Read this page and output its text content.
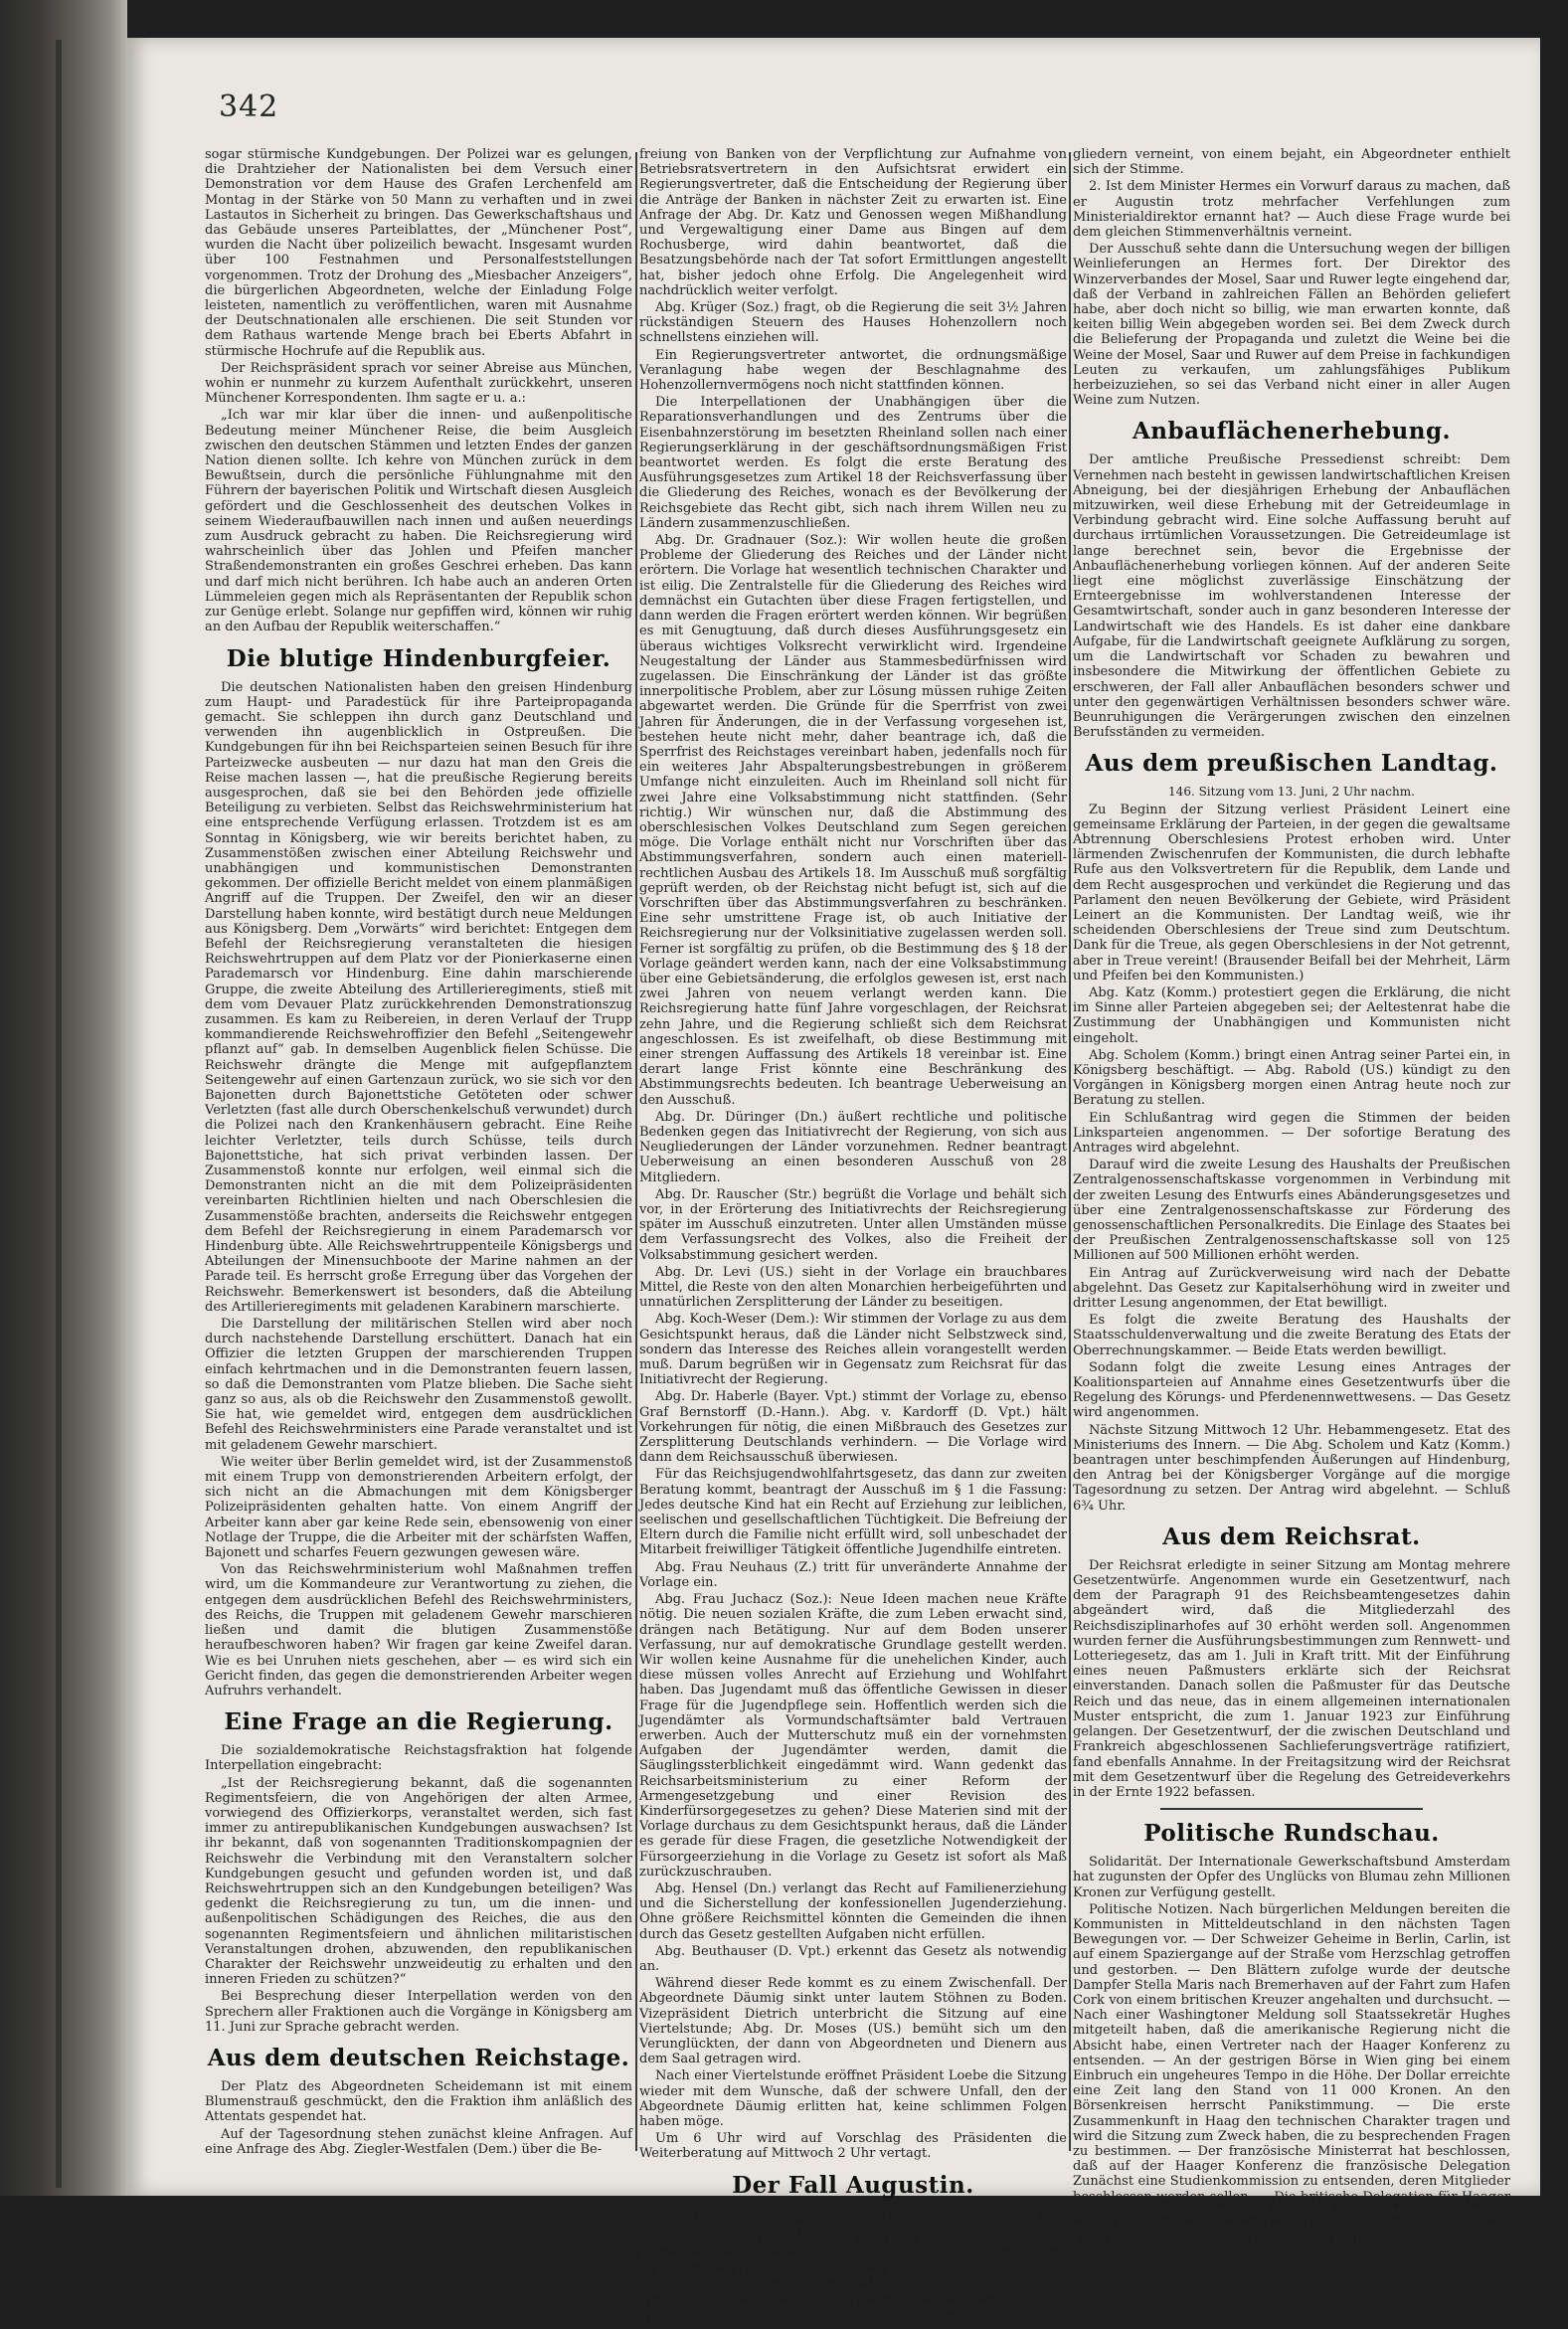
342

sogar stürmische Kundgebungen. Der Polizei war es gelungen, die Drahtzieher der Nationalisten bei dem Versuch einer Demonstration vor dem Hause des Grafen Lerchenfeld am Montag in der Stärke von 50 Mann zu verhaften und in zwei Lastautos in Sicherheit zu bringen. Das Gewerkschaftshaus und das Gebäude unseres Parteiblattes, der „Münchener Post“, wurden die Nacht über polizeilich bewacht. Insgesamt wurden über 100 Festnahmen und Personalfeststellungen vorgenommen. Trotz der Drohung des „Miesbacher Anzeigers“, die bürgerlichen Abgeordneten, welche der Einladung Folge leisteten, namentlich zu veröffentlichen, waren mit Ausnahme der Deutschnationalen alle erschienen. Die seit Stunden vor dem Rathaus wartende Menge brach bei Eberts Abfahrt in stürmische Hochrufe auf die Republik aus.

Der Reichspräsident sprach vor seiner Abreise aus München, wohin er nunmehr zu kurzem Aufenthalt zurückkehrt, unseren Münchener Korrespondenten. Ihm sagte er u. a.:

„Ich war mir klar über die innen- und außenpolitische Bedeutung meiner Münchener Reise, die beim Ausgleich zwischen den deutschen Stämmen und letzten Endes der ganzen Nation dienen sollte. Ich kehre von München zurück in dem Bewußtsein, durch die persönliche Fühlungnahme mit den Führern der bayerischen Politik und Wirtschaft diesen Ausgleich gefördert und die Geschlossenheit des deutschen Volkes in seinem Wiederaufbauwillen nach innen und außen neuerdings zum Ausdruck gebracht zu haben. Die Reichsregierung wird wahrscheinlich über das Johlen und Pfeifen mancher Straßendemonstranten ein großes Geschrei erheben. Das kann und darf mich nicht berühren. Ich habe auch an anderen Orten Lümmeleien gegen mich als Repräsentanten der Republik schon zur Genüge erlebt. Solange nur gepfiffen wird, können wir ruhig an den Aufbau der Republik weiterschaffen.“

Die blutige Hindenburgfeier.

Die deutschen Nationalisten haben den greisen Hindenburg zum Haupt- und Paradestück für ihre Parteipropaganda gemacht. Sie schleppen ihn durch ganz Deutschland und verwenden ihn augenblicklich in Ostpreußen. Die Kundgebungen für ihn bei Reichsparteien seinen Besuch für ihre Parteizwecke ausbeuten — nur dazu hat man den Greis die Reise machen lassen —, hat die preußische Regierung bereits ausgesprochen, daß sie bei den Behörden jede offizielle Beteiligung zu verbieten. Selbst das Reichswehrministerium hat eine entsprechende Verfügung erlassen. Trotzdem ist es am Sonntag in Königsberg, wie wir bereits berichtet haben, zu Zusammenstößen zwischen einer Abteilung Reichswehr und unabhängigen und kommunistischen Demonstranten gekommen. Der offizielle Bericht meldet von einem planmäßigen Angriff auf die Truppen. Der Zweifel, den wir an dieser Darstellung haben konnte, wird bestätigt durch neue Meldungen aus Königsberg. Dem „Vorwärts“ wird berichtet: Entgegen dem Befehl der Reichsregierung veranstalteten die hiesigen Reichswehrtruppen auf dem Platz vor der Pionierkaserne einen Parademarsch vor Hindenburg. Eine dahin marschierende Gruppe, die zweite Abteilung des Artillerieregiments, stieß mit dem vom Devauer Platz zurückkehrenden Demonstrationszug zusammen. Es kam zu Reibereien, in deren Verlauf der Trupp kommandierende Reichswehroffizier den Befehl „Seitengewehr pflanzt auf“ gab. In demselben Augenblick fielen Schüsse. Die Reichswehr drängte die Menge mit aufgepflanztem Seitengewehr auf einen Gartenzaun zurück, wo sie sich vor den Bajonetten durch Bajonettstiche Getöteten oder schwer Verletzten (fast alle durch Oberschenkelschuß verwundet) durch die Polizei nach den Krankenhäusern gebracht. Eine Reihe leichter Verletzter, teils durch Schüsse, teils durch Bajonettstiche, hat sich privat verbinden lassen. Der Zusammenstoß konnte nur erfolgen, weil einmal sich die Demonstranten nicht an die mit dem Polizeipräsidenten vereinbarten Richtlinien hielten und nach Oberschlesien die Zusammenstöße brachten, anderseits die Reichswehr entgegen dem Befehl der Reichsregierung in einem Parademarsch vor Hindenburg übte. Alle Reichswehrtruppenteile Königsbergs und Abteilungen der Minensuchboote der Marine nahmen an der Parade teil. Es herrscht große Erregung über das Vorgehen der Reichswehr. Bemerkenswert ist besonders, daß die Abteilung des Artillerieregiments mit geladenen Karabinern marschierte.

Die Darstellung der militärischen Stellen wird aber noch durch nachstehende Darstellung erschüttert. Danach hat ein Offizier die letzten Gruppen der marschierenden Truppen einfach kehrtmachen und in die Demonstranten feuern lassen, so daß die Demonstranten vom Platze blieben. Die Sache sieht ganz so aus, als ob die Reichswehr den Zusammenstoß gewollt. Sie hat, wie gemeldet wird, entgegen dem ausdrücklichen Befehl des Reichswehrministers eine Parade veranstaltet und ist mit geladenem Gewehr marschiert.

Wie weiter über Berlin gemeldet wird, ist der Zusammenstoß mit einem Trupp von demonstrierenden Arbeitern erfolgt, der sich nicht an die Abmachungen mit dem Königsberger Polizeipräsidenten gehalten hatte. Von einem Angriff der Arbeiter kann aber gar keine Rede sein, ebensowenig von einer Notlage der Truppe, die die Arbeiter mit der schärfsten Waffen, Bajonett und scharfes Feuern gezwungen gewesen wäre.

Von das Reichswehrministerium wohl Maßnahmen treffen wird, um die Kommandeure zur Verantwortung zu ziehen, die entgegen dem ausdrücklichen Befehl des Reichswehrministers, des Reichs, die Truppen mit geladenem Gewehr marschieren ließen und damit die blutigen Zusammenstöße heraufbeschworen haben? Wir fragen gar keine Zweifel daran. Wie es bei Unruhen niets geschehen, aber — es wird sich ein Gericht finden, das gegen die demonstrierenden Arbeiter wegen Aufruhrs verhandelt.

Eine Frage an die Regierung.

Die sozialdemokratische Reichstagsfraktion hat folgende Interpellation eingebracht:

„Ist der Reichsregierung bekannt, daß die sogenannten Regimentsfeiern, die von Angehörigen der alten Armee, vorwiegend des Offizierkorps, veranstaltet werden, sich fast immer zu antirepublikanischen Kundgebungen auswachsen? Ist ihr bekannt, daß von sogenannten Traditionskompagnien der Reichswehr die Verbindung mit den Veranstaltern solcher Kundgebungen gesucht und gefunden worden ist, und daß Reichswehrtruppen sich an den Kundgebungen beteiligen? Was gedenkt die Reichsregierung zu tun, um die innen- und außenpolitischen Schädigungen des Reiches, die aus den sogenannten Regimentsfeiern und ähnlichen militaristischen Veranstaltungen drohen, abzuwenden, den republikanischen Charakter der Reichswehr unzweideutig zu erhalten und den inneren Frieden zu schützen?“

Bei Besprechung dieser Interpellation werden von den Sprechern aller Fraktionen auch die Vorgänge in Königsberg am 11. Juni zur Sprache gebracht werden.

Aus dem deutschen Reichstage.

Der Platz des Abgeordneten Scheidemann ist mit einem Blumenstrauß geschmückt, den die Fraktion ihm anläßlich des Attentats gespendet hat.

Auf der Tagesordnung stehen zunächst kleine Anfragen. Auf eine Anfrage des Abg. Ziegler-Westfalen (Dem.) über die Be-

freiung von Banken von der Verpflichtung zur Aufnahme von Betriebsratsvertretern in den Aufsichtsrat erwidert ein Regierungsvertreter, daß die Entscheidung der Regierung über die Anträge der Banken in nächster Zeit zu erwarten ist. Eine Anfrage der Abg. Dr. Katz und Genossen wegen Mißhandlung und Vergewaltigung einer Dame aus Bingen auf dem Rochusberge, wird dahin beantwortet, daß die Besatzungsbehörde nach der Tat sofort Ermittlungen angestellt hat, bisher jedoch ohne Erfolg. Die Angelegenheit wird nachdrücklich weiter verfolgt.

Abg. Krüger (Soz.) fragt, ob die Regierung die seit 3½ Jahren rückständigen Steuern des Hauses Hohenzollern noch schnellstens einziehen will.

Ein Regierungsvertreter antwortet, die ordnungsmäßige Veranlagung habe wegen der Beschlagnahme des Hohenzollernvermögens noch nicht stattfinden können.

Die Interpellationen der Unabhängigen über die Reparationsverhandlungen und des Zentrums über die Eisenbahnzerstörung im besetzten Rheinland sollen nach einer Regierungserklärung in der geschäftsordnungsmäßigen Frist beantwortet werden. Es folgt die erste Beratung des Ausführungsgesetzes zum Artikel 18 der Reichsverfassung über die Gliederung des Reiches, wonach es der Bevölkerung der Reichsgebiete das Recht gibt, sich nach ihrem Willen neu zu Ländern zusammenzuschließen.

Abg. Dr. Gradnauer (Soz.): Wir wollen heute die großen Probleme der Gliederung des Reiches und der Länder nicht erörtern. Die Vorlage hat wesentlich technischen Charakter und ist eilig. Die Zentralstelle für die Gliederung des Reiches wird demnächst ein Gutachten über diese Fragen fertigstellen, und dann werden die Fragen erörtert werden können. Wir begrüßen es mit Genugtuung, daß durch dieses Ausführungsgesetz ein überaus wichtiges Volksrecht verwirklicht wird. Irgendeine Neugestaltung der Länder aus Stammesbedürfnissen wird zugelassen. Die Einschränkung der Länder ist das größte innerpolitische Problem, aber zur Lösung müssen ruhige Zeiten abgewartet werden. Die Gründe für die Sperrfrist von zwei Jahren für Änderungen, die in der Verfassung vorgesehen ist, bestehen heute nicht mehr, daher beantrage ich, daß die Sperrfrist des Reichstages vereinbart haben, jedenfalls noch für ein weiteres Jahr Abspalterungsbestrebungen in größerem Umfange nicht einzuleiten. Auch im Rheinland soll nicht für zwei Jahre eine Volksabstimmung nicht stattfinden. (Sehr richtig.) Wir wünschen nur, daß die Abstimmung des oberschlesischen Volkes Deutschland zum Segen gereichen möge. Die Vorlage enthält nicht nur Vorschriften über das Abstimmungsverfahren, sondern auch einen materiell-rechtlichen Ausbau des Artikels 18. Im Ausschuß muß sorgfältig geprüft werden, ob der Reichstag nicht befugt ist, sich auf die Vorschriften über das Abstimmungsverfahren zu beschränken. Eine sehr umstrittene Frage ist, ob auch Initiative der Reichsregierung nur der Volksinitiative zugelassen werden soll. Ferner ist sorgfältig zu prüfen, ob die Bestimmung des § 18 der Vorlage geändert werden kann, nach der eine Volksabstimmung über eine Gebietsänderung, die erfolglos gewesen ist, erst nach zwei Jahren von neuem verlangt werden kann. Die Reichsregierung hatte fünf Jahre vorgeschlagen, der Reichsrat zehn Jahre, und die Regierung schließt sich dem Reichsrat angeschlossen. Es ist zweifelhaft, ob diese Bestimmung mit einer strengen Auffassung des Artikels 18 vereinbar ist. Eine derart lange Frist könnte eine Beschränkung des Abstimmungsrechts bedeuten. Ich beantrage Ueberweisung an den Ausschuß.

Abg. Dr. Düringer (Dn.) äußert rechtliche und politische Bedenken gegen das Initiativrecht der Regierung, von sich aus Neugliederungen der Länder vorzunehmen. Redner beantragt Ueberweisung an einen besonderen Ausschuß von 28 Mitgliedern.

Abg. Dr. Rauscher (Str.) begrüßt die Vorlage und behält sich vor, in der Erörterung des Initiativrechts der Reichsregierung später im Ausschuß einzutreten. Unter allen Umständen müsse dem Verfassungsrecht des Volkes, also die Freiheit der Volksabstimmung gesichert werden.

Abg. Dr. Levi (US.) sieht in der Vorlage ein brauchbares Mittel, die Reste von den alten Monarchien herbeigeführten und unnatürlichen Zersplitterung der Länder zu beseitigen.

Abg. Koch-Weser (Dem.): Wir stimmen der Vorlage zu aus dem Gesichtspunkt heraus, daß die Länder nicht Selbstzweck sind, sondern das Interesse des Reiches allein vorangestellt werden muß. Darum begrüßen wir in Gegensatz zum Reichsrat für das Initiativrecht der Regierung.

Abg. Dr. Haberle (Bayer. Vpt.) stimmt der Vorlage zu, ebenso Graf Bernstorff (D.-Hann.). Abg. v. Kardorff (D. Vpt.) hält Vorkehrungen für nötig, die einen Mißbrauch des Gesetzes zur Zersplitterung Deutschlands verhindern. — Die Vorlage wird dann dem Reichsausschuß überwiesen.

Für das Reichsjugendwohlfahrtsgesetz, das dann zur zweiten Beratung kommt, beantragt der Ausschuß im § 1 die Fassung: Jedes deutsche Kind hat ein Recht auf Erziehung zur leiblichen, seelischen und gesellschaftlichen Tüchtigkeit. Die Befreiung der Eltern durch die Familie nicht erfüllt wird, soll unbeschadet der Mitarbeit freiwilliger Tätigkeit öffentliche Jugendhilfe eintreten.

Abg. Frau Neuhaus (Z.) tritt für unveränderte Annahme der Vorlage ein.

Abg. Frau Juchacz (Soz.): Neue Ideen machen neue Kräfte nötig. Die neuen sozialen Kräfte, die zum Leben erwacht sind, drängen nach Betätigung. Nur auf dem Boden unserer Verfassung, nur auf demokratische Grundlage gestellt werden. Wir wollen keine Ausnahme für die unehelichen Kinder, auch diese müssen volles Anrecht auf Erziehung und Wohlfahrt haben. Das Jugendamt muß das öffentliche Gewissen in dieser Frage für die Jugendpflege sein. Hoffentlich werden sich die Jugendämter als Vormundschaftsämter bald Vertrauen erwerben. Auch der Mutterschutz muß ein der vornehmsten Aufgaben der Jugendämter werden, damit die Säuglingssterblichkeit eingedämmt wird. Wann gedenkt das Reichsarbeitsministerium zu einer Reform der Armengesetzgebung und einer Revision des Kinderfürsorgegesetzes zu gehen? Diese Materien sind mit der Vorlage durchaus zu dem Gesichtspunkt heraus, daß die Länder es gerade für diese Fragen, die gesetzliche Notwendigkeit der Fürsorgeerziehung in die Vorlage zu Gesetz ist sofort als Maß zurückzuschrauben.

Abg. Hensel (Dn.) verlangt das Recht auf Familienerziehung und die Sicherstellung der konfessionellen Jugenderziehung. Ohne größere Reichsmittel könnten die Gemeinden die ihnen durch das Gesetz gestellten Aufgaben nicht erfüllen.

Abg. Beuthauser (D. Vpt.) erkennt das Gesetz als notwendig an.

Während dieser Rede kommt es zu einem Zwischenfall. Der Abgeordnete Däumig sinkt unter lautem Stöhnen zu Boden. Vizepräsident Dietrich unterbricht die Sitzung auf eine Viertelstunde; Abg. Dr. Moses (US.) bemüht sich um den Verunglückten, der dann von Abgeordneten und Dienern aus dem Saal getragen wird.

Nach einer Viertelstunde eröffnet Präsident Loebe die Sitzung wieder mit dem Wunsche, daß der schwere Unfall, den der Abgeordnete Däumig erlitten hat, keine schlimmen Folgen haben möge.

Um 6 Uhr wird auf Vorschlag des Präsidenten die Weiterberatung auf Mittwoch 2 Uhr vertagt.

Der Fall Augustin.

Der Untersuchungsausschuß des Reichstages in Sachen des Reichsfinanzministers Hermes schloß heute den Teil seiner Untersuchungen ab, der sich auf den Fall Augustin bezieht. Zwei Fragen wurden vorgelegt:

1. Ist dem Minister ein Vorwurf daraus zu machen, daß er weder zur rechten Zeit noch in der richtigen Weise gegen Augustin vorgegangen ist? Die Frage wurde von fünf Ausschußmit-

gliedern verneint, von einem bejaht, ein Abgeordneter enthielt sich der Stimme.

2. Ist dem Minister Hermes ein Vorwurf daraus zu machen, daß er Augustin trotz mehrfacher Verfehlungen zum Ministerialdirektor ernannt hat? — Auch diese Frage wurde bei dem gleichen Stimmenverhältnis verneint.

Der Ausschuß sehte dann die Untersuchung wegen der billigen Weinlieferungen an Hermes fort. Der Direktor des Winzerverbandes der Mosel, Saar und Ruwer legte eingehend dar, daß der Verband in zahlreichen Fällen an Behörden geliefert habe, aber doch nicht so billig, wie man erwarten konnte, daß keiten billig Wein abgegeben worden sei. Bei dem Zweck durch die Belieferung der Propaganda und zuletzt die Weine bei die Weine der Mosel, Saar und Ruwer auf dem Preise in fachkundigen Leuten zu verkaufen, um zahlungsfähiges Publikum herbeizuziehen, so sei das Verband nicht einer in aller Augen Weine zum Nutzen.

Anbauflächenerhebung.

Der amtliche Preußische Pressedienst schreibt: Dem Vernehmen nach besteht in gewissen landwirtschaftlichen Kreisen Abneigung, bei der diesjährigen Erhebung der Anbauflächen mitzuwirken, weil diese Erhebung mit der Getreideumlage in Verbindung gebracht wird. Eine solche Auffassung beruht auf durchaus irrtümlichen Voraussetzungen. Die Getreideumlage ist lange berechnet sein, bevor die Ergebnisse der Anbauflächenerhebung vorliegen können. Auf der anderen Seite liegt eine möglichst zuverlässige Einschätzung der Ernteergebnisse im wohlverstandenen Interesse der Gesamtwirtschaft, sonder auch in ganz besonderen Interesse der Landwirtschaft wie des Handels. Es ist daher eine dankbare Aufgabe, für die Landwirtschaft geeignete Aufklärung zu sorgen, um die Landwirtschaft vor Schaden zu bewahren und insbesondere die Mitwirkung der öffentlichen Gebiete zu erschweren, der Fall aller Anbauflächen besonders schwer und unter den gegenwärtigen Verhältnissen besonders schwer wäre. Beunruhigungen die Verärgerungen zwischen den einzelnen Berufsständen zu vermeiden.

Aus dem preußischen Landtag.

146. Sitzung vom 13. Juni, 2 Uhr nachm.

Zu Beginn der Sitzung verliest Präsident Leinert eine gemeinsame Erklärung der Parteien, in der gegen die gewaltsame Abtrennung Oberschlesiens Protest erhoben wird. Unter lärmenden Zwischenrufen der Kommunisten, die durch lebhafte Rufe aus den Volksvertretern für die Republik, dem Lande und dem Recht ausgesprochen und verkündet die Regierung und das Parlament den neuen Bevölkerung der Gebiete, wird Präsident Leinert an die Kommunisten. Der Landtag weiß, wie ihr scheidenden Oberschlesiens der Treue sind zum Deutschtum. Dank für die Treue, als gegen Oberschlesiens in der Not getrennt, aber in Treue vereint! (Brausender Beifall bei der Mehrheit, Lärm und Pfeifen bei den Kommunisten.)

Abg. Katz (Komm.) protestiert gegen die Erklärung, die nicht im Sinne aller Parteien abgegeben sei; der Aeltestenrat habe die Zustimmung der Unabhängigen und Kommunisten nicht eingeholt.

Abg. Scholem (Komm.) bringt einen Antrag seiner Partei ein, in Königsberg beschäftigt. — Abg. Rabold (US.) kündigt zu den Vorgängen in Königsberg morgen einen Antrag heute noch zur Beratung zu stellen.

Ein Schlußantrag wird gegen die Stimmen der beiden Linksparteien angenommen. — Der sofortige Beratung des Antrages wird abgelehnt.

Darauf wird die zweite Lesung des Haushalts der Preußischen Zentralgenossenschaftskasse vorgenommen in Verbindung mit der zweiten Lesung des Entwurfs eines Abänderungsgesetzes und über eine Zentralgenossenschaftskasse zur Förderung des genossenschaftlichen Personalkredits. Die Einlage des Staates bei der Preußischen Zentralgenossenschaftskasse soll von 125 Millionen auf 500 Millionen erhöht werden.

Ein Antrag auf Zurückverweisung wird nach der Debatte abgelehnt. Das Gesetz zur Kapitalserhöhung wird in zweiter und dritter Lesung angenommen, der Etat bewilligt.

Es folgt die zweite Beratung des Haushalts der Staatsschuldenverwaltung und die zweite Beratung des Etats der Oberrechnungskammer. — Beide Etats werden bewilligt.

Sodann folgt die zweite Lesung eines Antrages der Koalitionsparteien auf Annahme eines Gesetzentwurfs über die Regelung des Körungs- und Pferdenennwettwesens. — Das Gesetz wird angenommen.

Nächste Sitzung Mittwoch 12 Uhr. Hebammengesetz. Etat des Ministeriums des Innern. — Die Abg. Scholem und Katz (Komm.) beantragen unter beschimpfenden Äußerungen auf Hindenburg, den Antrag bei der Königsberger Vorgänge auf die morgige Tagesordnung zu setzen. Der Antrag wird abgelehnt. — Schluß 6¾ Uhr.

Aus dem Reichsrat.

Der Reichsrat erledigte in seiner Sitzung am Montag mehrere Gesetzentwürfe. Angenommen wurde ein Gesetzentwurf, nach dem der Paragraph 91 des Reichsbeamtengesetzes dahin abgeändert wird, daß die Mitgliederzahl des Reichsdisziplinarhofes auf 30 erhöht werden soll. Angenommen wurden ferner die Ausführungsbestimmungen zum Rennwett- und Lotteriegesetz, das am 1. Juli in Kraft tritt. Mit der Einführung eines neuen Paßmusters erklärte sich der Reichsrat einverstanden. Danach sollen die Paßmuster für das Deutsche Reich und das neue, das in einem allgemeinen internationalen Muster entspricht, die zum 1. Januar 1923 zur Einführung gelangen. Der Gesetzentwurf, der die zwischen Deutschland und Frankreich abgeschlossenen Sachlieferungsverträge ratifiziert, fand ebenfalls Annahme. In der Freitagsitzung wird der Reichsrat mit dem Gesetzentwurf über die Regelung des Getreideverkehrs in der Ernte 1922 befassen.

Politische Rundschau.

Solidarität. Der Internationale Gewerkschaftsbund Amsterdam hat zugunsten der Opfer des Unglücks von Blumau zehn Millionen Kronen zur Verfügung gestellt.

Politische Notizen. Nach bürgerlichen Meldungen bereiten die Kommunisten in Mitteldeutschland in den nächsten Tagen Bewegungen vor. — Der Schweizer Geheime in Berlin, Carlin, ist auf einem Spaziergange auf der Straße vom Herzschlag getroffen und gestorben. — Den Blättern zufolge wurde der deutsche Dampfer Stella Maris nach Bremerhaven auf der Fahrt zum Hafen Cork von einem britischen Kreuzer angehalten und durchsucht. — Nach einer Washingtoner Meldung soll Staatssekretär Hughes mitgeteilt haben, daß die amerikanische Regierung nicht die Absicht habe, einen Vertreter nach der Haager Konferenz zu entsenden. — An der gestrigen Börse in Wien ging bei einem Einbruch ein ungeheures Tempo in die Höhe. Der Dollar erreichte eine Zeit lang den Stand von 11 000 Kronen. An den Börsenkreisen herrscht Panikstimmung. — Die erste Zusammenkunft in Haag den technischen Charakter tragen und wird die Sitzung zum Zweck haben, die zu besprechenden Fragen zu bestimmen. — Der französische Ministerrat hat beschlossen, daß auf der Haager Konferenz die französische Delegation Zunächst eine Studienkommission zu entsenden, deren Mitglieder beschlossen werden sollen. — Die britische Delegation für Haager Konferenz, die gestern nach Holland abgereist ist, zusammen etwa 40 Mitglieder einschließlich der Vertreter Australiens, Kanadas, Neuseelands, Südafrikas und Indiens.
